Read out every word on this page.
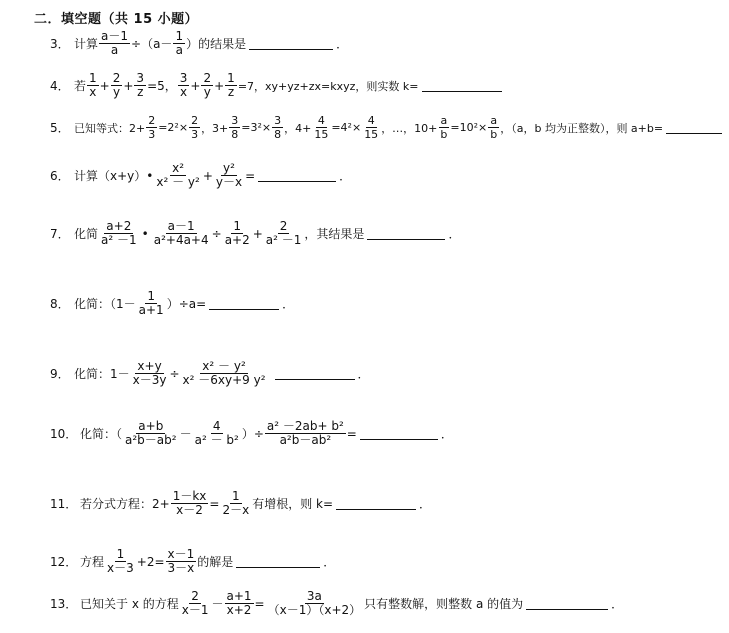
二．填空题（共 15 小题）
3． 计算 $\frac{a-1}{a} \div(a- \frac{1}{a}$ ）的结果是	．
4． 若 $\frac{1}{x} + \frac{2}{y} + \frac{3}{z} =5$， $\frac{3}{x} + \frac{2}{y} + \frac{1}{z} =7$，xy+yz+zx=kxyz，则实数 k=
5． 已知等式：$2+ \frac{2}{3} =2^2\times \frac{2}{3}$ ，$3+ \frac{3}{8} =3^2\times \frac{3}{8}$ ，$4+ \frac{4}{15} =4^2\times \frac{4}{15}$ ，…，$10+ \frac{a}{b} =10^2\times \frac{a}{b}$ ，（a，b 均为正整数），则 a+b=
6． 计算（x+y）• $\frac{\text{x²}}{\text{x² － y²}} + \frac{\text{y²}}{y-x}$ =	．
7． 化简 $\frac{a+2}{\text{a² －1}}$ • $\frac{a-1}{\text{a²+4a+4}} \div \frac{1}{a+2} + \frac{2}{\text{a² －1}}$ ，其结果是	．
8． 化简：$(1- \frac{1}{a+1} )\div a=$	．
9． 化简：$1- \frac{x+y}{x-3y} \div \frac{\text{x² － y²}}{\text{x² －6xy+9 y²}}$	．
10． 化简：（ $\frac{a+b}{\text{a²b－ab²}} - \frac{4}{\text{a² － b²}}$ ）÷ $\frac{\text{a² －2ab+ b²}}{\text{a²b－ab²}}$ =	．
11． 若分式方程：$2+ \frac{1-kx}{x-2} = \frac{1}{2-x}$ 有增根，则 k=	．
12． 方程 $\frac{1}{x-3} +2= \frac{x-1}{3-x}$ 的解是	．
13． 已知关于 x 的方程 $\frac{2}{x-1} - \frac{a+1}{x+2} = \frac{3a}{(x-1)(x+2)}$ 只有整数解，则整数 a 的值为	．
